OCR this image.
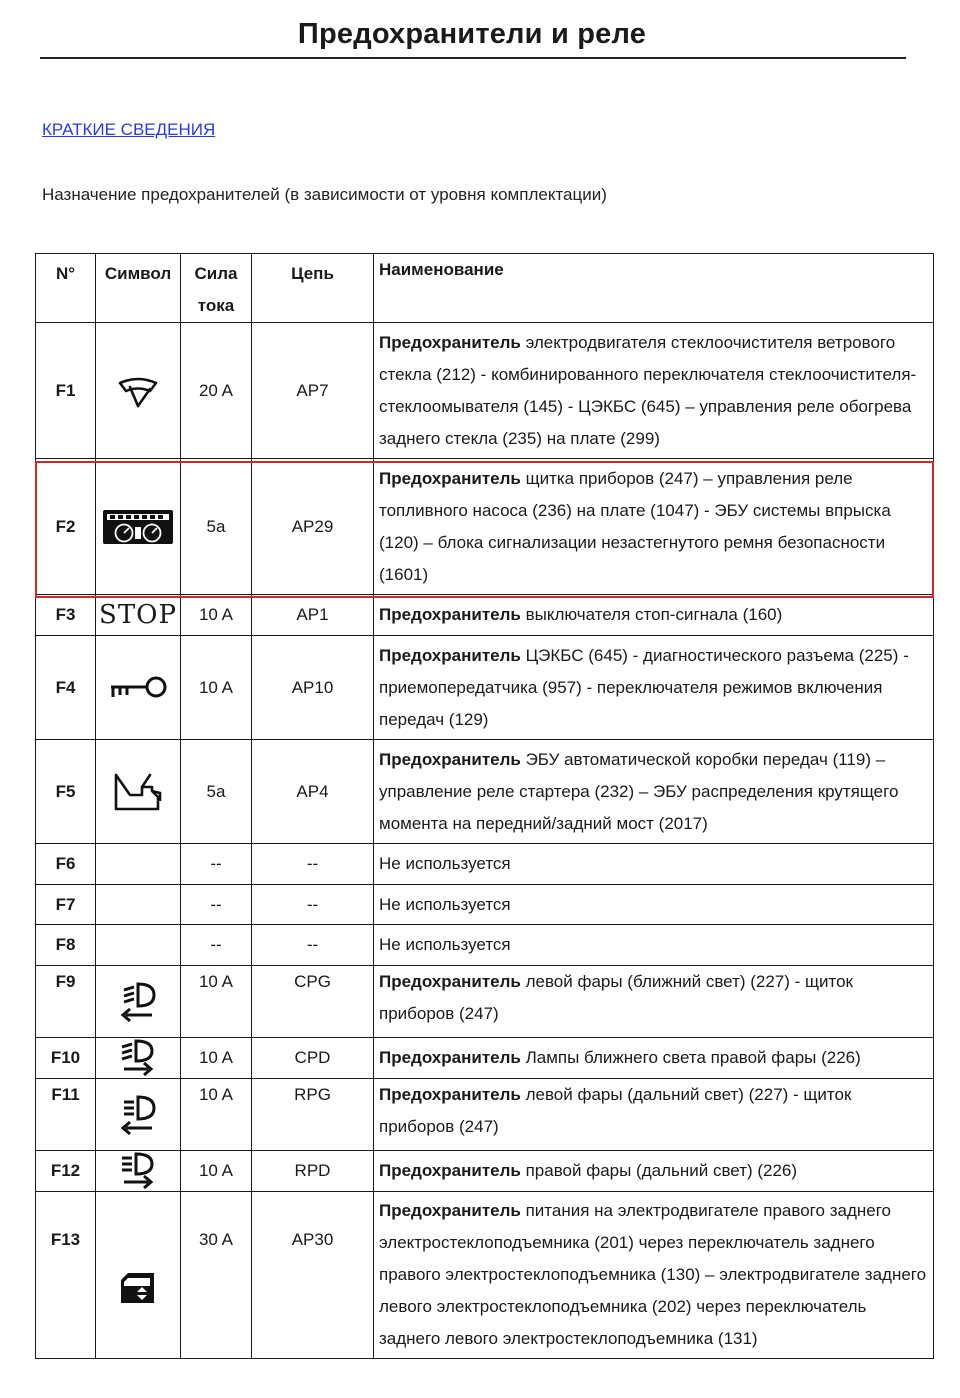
Предохранители и реле
КРАТКИЕ СВЕДЕНИЯ
Назначение предохранителей (в зависимости от уровня комплектации)
N°	Символ	Сила тока	Цепь	Наименование
F1		20 A	AP7	Предохранитель электродвигателя стеклоочистителя ветрового стекла (212) - комбинированного переключателя стеклоочистителя-стеклоомывателя (145) - ЦЭКБС (645) – управления реле обогрева заднего стекла (235) на плате (299)
F2		5a	AP29	Предохранитель щитка приборов (247) – управления реле топливного насоса (236) на плате (1047) - ЭБУ системы впрыска (120) – блока сигнализации незастегнутого ремня безопасности (1601)
F3	STOP	10 A	AP1	Предохранитель выключателя стоп-сигнала (160)
F4		10 A	AP10	Предохранитель ЦЭКБС (645) - диагностического разъема (225) - приемопередатчика (957) - переключателя режимов включения передач (129)
F5		5a	AP4	Предохранитель ЭБУ автоматической коробки передач (119) – управление реле стартера (232) – ЭБУ распределения крутящего момента на передний/задний мост (2017)
F6		--	--	Не используется
F7		--	--	Не используется
F8		--	--	Не используется
F9		10 A	CPG	Предохранитель левой фары (ближний свет) (227) - щиток приборов (247)
F10		10 A	CPD	Предохранитель Лампы ближнего света правой фары (226)
F11		10 A	RPG	Предохранитель левой фары (дальний свет) (227) - щиток приборов (247)
F12		10 A	RPD	Предохранитель правой фары (дальний свет) (226)
F13		30 A	AP30	Предохранитель питания на электродвигателе правого заднего электростеклоподъемника (201) через переключатель заднего правого электростеклоподъемника (130) – электродвигателе заднего левого электростеклоподъемника (202) через переключатель заднего левого электростеклоподъемника (131)
